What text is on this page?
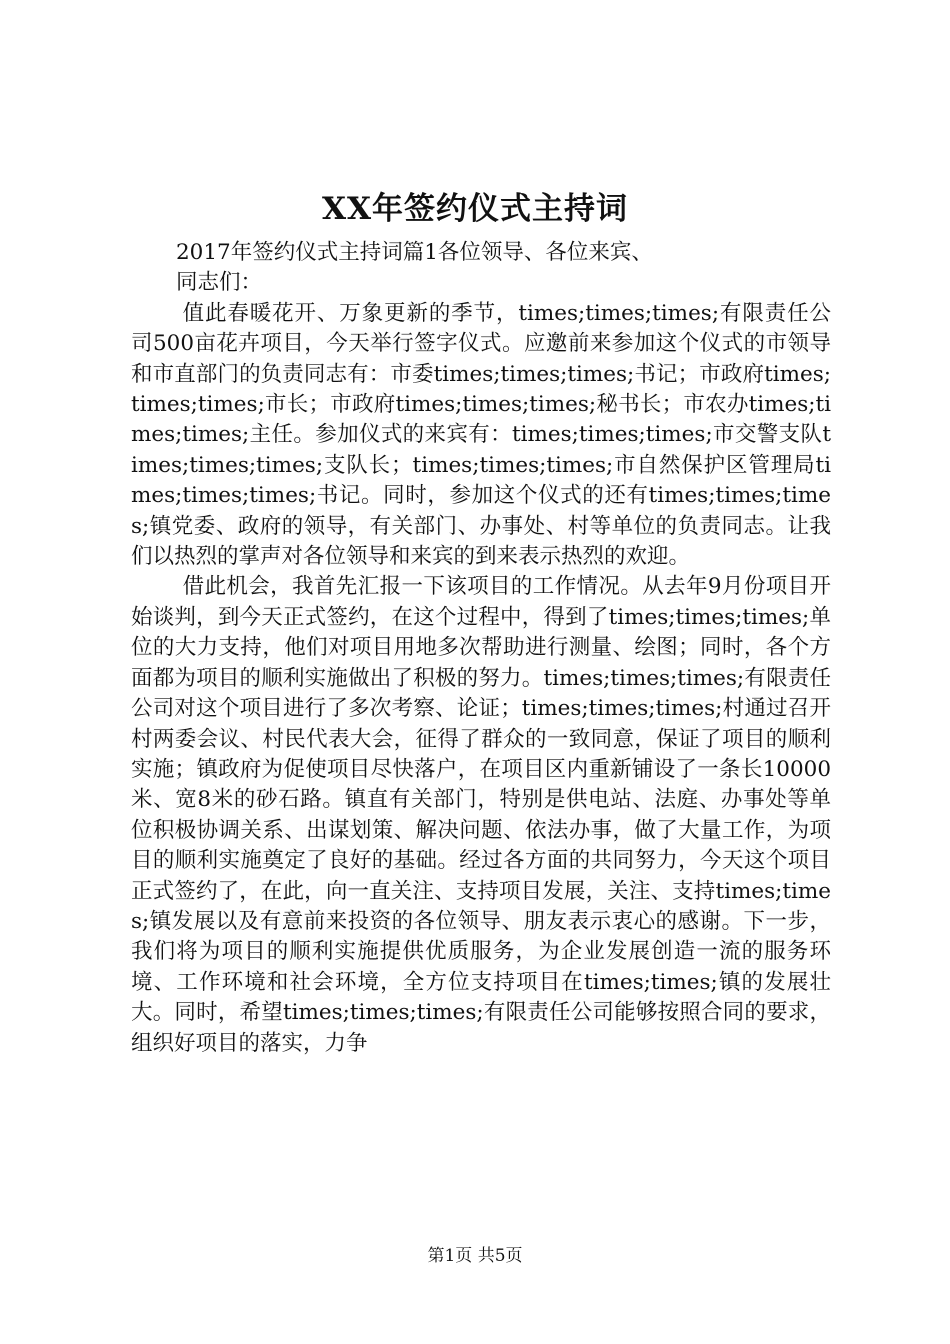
XX年签约仪式主持词
2017年签约仪式主持词篇1各位领导、各位来宾、
同志们：

值此春暖花开、万象更新的季节，times;times;times;有限责任公司500亩花卉项目，今天举行签字仪式。应邀前来参加这个仪式的市领导和市直部门的负责同志有：市委times;times;times;书记；市政府times;times;times;市长；市政府times;times;times;秘书长；市农办times;times;times;主任。参加仪式的来宾有：times;times;times;市交警支队times;times;times;支队长；times;times;times;市自然保护区管理局times;times;times;书记。同时，参加这个仪式的还有times;times;times;镇党委、政府的领导，有关部门、办事处、村等单位的负责同志。让我们以热烈的掌声对各位领导和来宾的到来表示热烈的欢迎。

借此机会，我首先汇报一下该项目的工作情况。从去年9月份项目开始谈判，到今天正式签约，在这个过程中，得到了times;times;times;单位的大力支持，他们对项目用地多次帮助进行测量、绘图；同时，各个方面都为项目的顺利实施做出了积极的努力。times;times;times;有限责任公司对这个项目进行了多次考察、论证；times;times;times;村通过召开村两委会议、村民代表大会，征得了群众的一致同意，保证了项目的顺利实施；镇政府为促使项目尽快落户，在项目区内重新铺设了一条长10000米、宽8米的砂石路。镇直有关部门，特别是供电站、法庭、办事处等单位积极协调关系、出谋划策、解决问题、依法办事，做了大量工作，为项目的顺利实施奠定了良好的基础。经过各方面的共同努力，今天这个项目正式签约了，在此，向一直关注、支持项目发展，关注、支持times;times;镇发展以及有意前来投资的各位领导、朋友表示衷心的感谢。下一步，我们将为项目的顺利实施提供优质服务，为企业发展创造一流的服务环境、工作环境和社会环境，全方位支持项目在times;times;镇的发展壮大。同时，希望times;times;times;有限责任公司能够按照合同的要求，组织好项目的落实，力争

第1页 共5页
